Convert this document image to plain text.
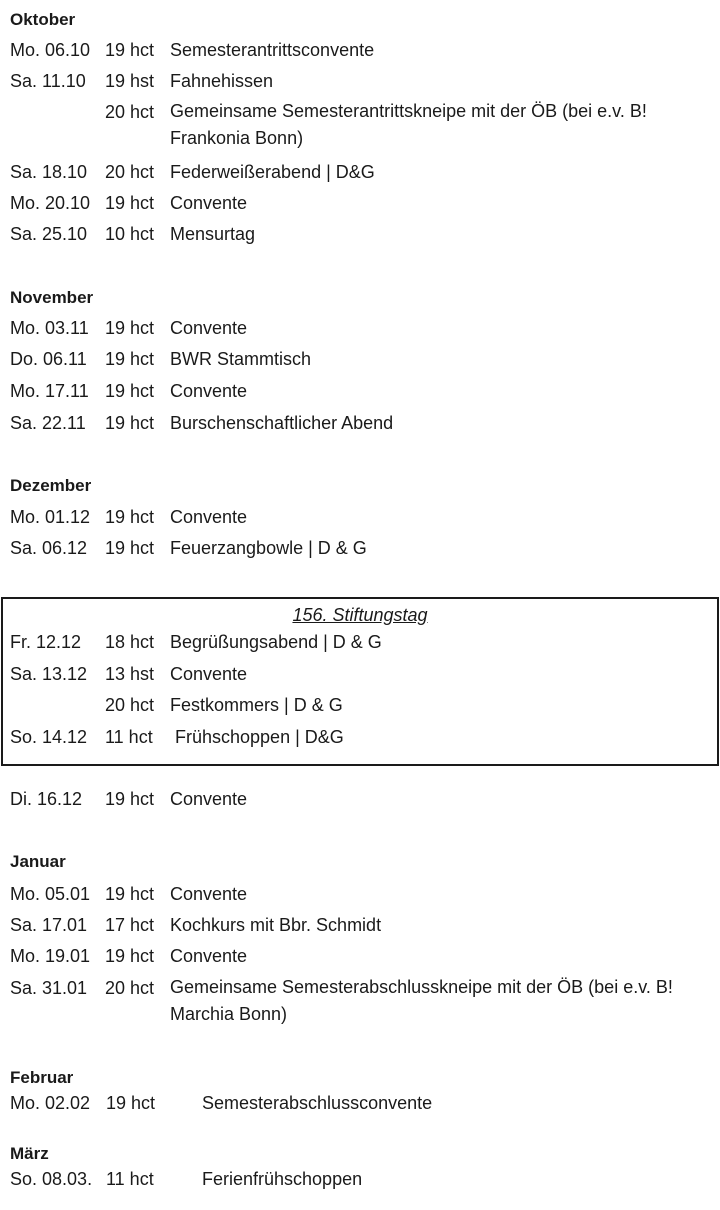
Oktober
Mo. 06.10 19 hct Semesterantrittsconvente
Sa. 11.10 19 hst Fahnehissen
20 hct Gemeinsame Semesterantrittskneipe mit der ÖB (bei e.v. B! Frankonia Bonn)
Sa. 18.10 20 hct Federweißerabend | D&G
Mo. 20.10 19 hct Convente
Sa. 25.10 10 hct Mensurtag
November
Mo. 03.11 19 hct Convente
Do. 06.11 19 hct BWR Stammtisch
Mo. 17.11 19 hct Convente
Sa. 22.11 19 hct Burschenschaftlicher Abend
Dezember
Mo. 01.12 19 hct Convente
Sa. 06.12 19 hct Feuerzangbowle | D & G
156. Stiftungstag
Fr. 12.12 18 hct Begrüßungsabend | D & G
Sa. 13.12 13 hst Convente
20 hct Festkommers | D & G
So. 14.12 11 hct Frühschoppen | D&G
Di. 16.12 19 hct Convente
Januar
Mo. 05.01 19 hct Convente
Sa. 17.01 17 hct Kochkurs mit Bbr. Schmidt
Mo. 19.01 19 hct Convente
Sa. 31.01 20 hct Gemeinsame Semesterabschlusskneipe mit der ÖB (bei e.v. B! Marchia Bonn)
Februar
Mo. 02.02 19 hct	Semesterabschlussconvente
März
So. 08.03. 11 hct	Ferienfrühschoppen
